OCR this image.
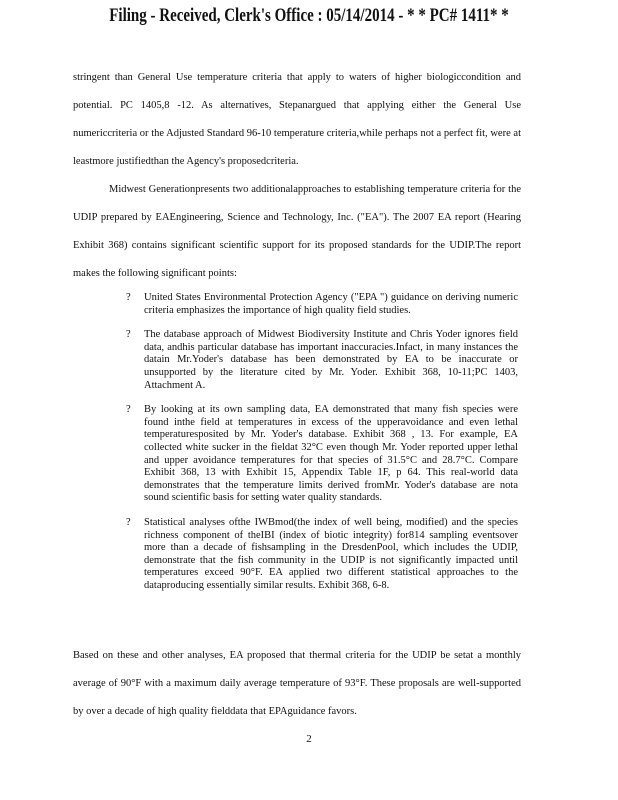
Filing - Received, Clerk's Office : 05/14/2014 - * * PC# 1411* *

stringent than General Use temperature criteria that apply to waters of higher biologiccondition and potential. PC 1405,8 -12. As alternatives, Stepanargued that applying either the General Use numericcriteria or the Adjusted Standard 96-10 temperature criteria,while perhaps not a perfect fit, were at leastmore justifiedthan the Agency's proposedcriteria.

Midwest Generationpresents two additionalapproaches to establishing temperature criteria for the UDIP prepared by EAEngineering, Science and Technology, Inc. ("EA"). The 2007 EA report (Hearing Exhibit 368) contains significant scientific support for its proposed standards for the UDIP.The report makes the following significant points:

?	United States Environmental Protection Agency ("EPA ") guidance on deriving numeric criteria emphasizes the importance of high quality field studies.
?	The database approach of Midwest Biodiversity Institute and Chris Yoder ignores field data, andhis particular database has important inaccuracies.Infact, in many instances the datain Mr.Yoder's database has been demonstrated by EA to be inaccurate or unsupported by the literature cited by Mr. Yoder. Exhibit 368, 10-11;PC 1403, Attachment A.
?	By looking at its own sampling data, EA demonstrated that many fish species were found inthe field at temperatures in excess of the upperavoidance and even lethal temperaturesposited by Mr. Yoder's database. Exhibit 368 , 13. For example, EA collected white sucker in the fieldat 32°C even though Mr. Yoder reported upper lethal and upper avoidance temperatures for that species of 31.5°C and 28.7°C. Compare Exhibit 368, 13 with Exhibit 15, Appendix Table 1F, p 64. This real-world data demonstrates that the temperature limits derived fromMr. Yoder's database are nota sound scientific basis for setting water quality standards.
?	Statistical analyses ofthe IWBmod(the index of well being, modified) and the species richness component of theIBI (index of biotic integrity) for814 sampling eventsover more than a decade of fishsampling in the DresdenPool, which includes the UDIP, demonstrate that the fish community in the UDIP is not significantly impacted until temperatures exceed 90°F. EA applied two different statistical approaches to the dataproducing essentially similar results. Exhibit 368, 6-8.

Based on these and other analyses, EA proposed that thermal criteria for the UDIP be setat a monthly average of 90°F with a maximum daily average temperature of 93°F. These proposals are well-supported by over a decade of high quality fielddata that EPAguidance favors.

2
